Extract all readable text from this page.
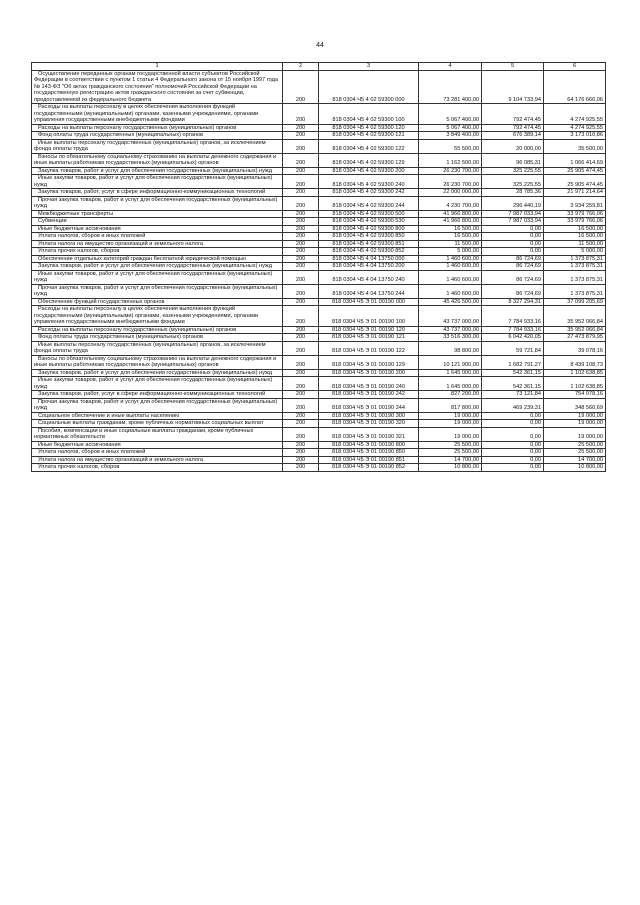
44
1	2	3	4	5	6

Осуществление переданных органам государственной власти субъектов Российской Федерации в соответствии с пунктом 1 статьи 4 Федерального закона от 15 ноября 1997 года № 143-ФЗ "Об актах гражданского состояния" полномочий Российской Федерации на государственную регистрацию актов гражданского состояния за счет субвенции, предоставляемой из федерального бюджета	200	818 0304 Ч5 4 02 59300 000	73 281 400,00	9 104 733,94	64 176 666,06

Расходы на выплаты персоналу в целях обеспечения выполнения функций государственными (муниципальными) органами, казенными учреждениями, органами управления государственными внебюджетными фондами	200	818 0304 Ч5 4 02 59300 100	5 067 400,00	792 474,45	4 274 925,55

Расходы на выплаты персоналу государственных (муниципальных) органов	200	818 0304 Ч5 4 02 59300 120	5 067 400,00	792 474,45	4 274 925,55

Фонд оплаты труда государственных (муниципальных) органов	200	818 0304 Ч5 4 02 59300 121	3 849 400,00	676 389,14	3 173 010,86

Иные выплаты персоналу государственных (муниципальных) органов, за исключением фонда оплаты труда	200	818 0304 Ч5 4 02 59300 122	55 500,00	20 000,00	35 500,00

Взносы по обязательному социальному страхованию на выплаты денежного содержания и иные выплаты работникам государственных (муниципальных) органов	200	818 0304 Ч5 4 02 59300 129	1 162 500,00	96 085,31	1 066 414,69

Закупка товаров, работ и услуг для обеспечения государственных (муниципальных) нужд	200	818 0304 Ч5 4 02 59300 200	26 230 700,00	325 225,55	25 905 474,45

Иные закупки товаров, работ и услуг для обеспечения государственных (муниципальных) нужд	200	818 0304 Ч5 4 02 59300 240	26 230 700,00	325 225,55	25 905 474,45

Закупка товаров, работ, услуг в сфере информационно-коммуникационных технологий	200	818 0304 Ч5 4 02 59300 242	22 000 000,00	28 785,36	21 971 214,64

Прочая закупка товаров, работ и услуг для обеспечения государственных (муниципальных) нужд	200	818 0304 Ч5 4 02 59300 244	4 230 700,00	296 440,19	3 934 259,81

Межбюджетные трансферты	200	818 0304 Ч5 4 02 59300 500	41 966 800,00	7 987 033,94	33 979 766,06

Субвенции	200	818 0304 Ч5 4 02 59300 530	41 966 800,00	7 987 033,94	33 979 766,06

Иные бюджетные ассигнования	200	818 0304 Ч5 4 02 59300 800	16 500,00	0,00	16 500,00

Уплата налогов, сборов и иных платежей	200	818 0304 Ч5 4 02 59300 850	16 500,00	0,00	16 500,00

Уплата налога на имущество организаций и земельного налога	200	818 0304 Ч5 4 02 59300 851	11 500,00	0,00	11 500,00

Уплата прочих налогов, сборов	200	818 0304 Ч5 4 02 59300 852	5 000,00	0,00	5 000,00

Обеспечение отдельных категорий граждан бесплатной юридической помощью	200	818 0304 Ч5 4 04 13750 000	1 460 600,00	86 724,69	1 373 875,31

Закупка товаров, работ и услуг для обеспечения государственных (муниципальных) нужд	200	818 0304 Ч5 4 04 13750 200	1 460 600,00	86 724,69	1 373 875,31

Иные закупки товаров, работ и услуг для обеспечения государственных (муниципальных) нужд	200	818 0304 Ч5 4 04 13750 240	1 460 600,00	86 724,69	1 373 875,31

Прочая закупка товаров, работ и услуг для обеспечения государственных (муниципальных) нужд	200	818 0304 Ч5 4 04 13750 244	1 460 600,00	86 724,69	1 373 875,31

Обеспечение функций государственных органов	200	818 0304 Ч5 Э 01 00190 000	45 426 500,00	8 327 294,31	37 099 205,69

Расходы на выплаты персоналу в целях обеспечения выполнения функций государственными (муниципальными) органами, казенными учреждениями, органами управления государственными внебюджетными фондами	200	818 0304 Ч5 Э 01 00190 100	43 737 000,00	7 784 933,16	35 952 066,84

Расходы на выплаты персоналу государственных (муниципальных) органов	200	818 0304 Ч5 Э 01 00190 120	43 737 000,00	7 784 933,16	35 952 066,84

Фонд оплаты труда государственных (муниципальных) органов	200	818 0304 Ч5 Э 01 00190 121	33 516 300,00	6 042 420,05	27 473 879,95

Иные выплаты персоналу государственных (муниципальных) органов, за исключением фонда оплаты труда	200	818 0304 Ч5 Э 01 00190 122	98 800,00	59 721,84	39 078,16

Взносы по обязательному социальному страхованию на выплаты денежного содержания и иные выплаты работникам государственных (муниципальных) органов	200	818 0304 Ч5 Э 01 00190 129	10 121 900,00	1 682 791,27	8 439 108,73

Закупка товаров, работ и услуг для обеспечения государственных (муниципальных) нужд	200	818 0304 Ч5 Э 01 00190 200	1 645 000,00	542 361,15	1 102 638,85

Иные закупки товаров, работ и услуг для обеспечения государственных (муниципальных) нужд	200	818 0304 Ч5 Э 01 00190 240	1 645 000,00	542 361,15	1 102 638,85

Закупка товаров, работ, услуг в сфере информационно-коммуникационных технологий	200	818 0304 Ч5 Э 01 00190 242	827 200,00	73 121,84	754 078,16

Прочая закупка товаров, работ и услуг для обеспечения государственных (муниципальных) нужд	200	818 0304 Ч5 Э 01 00190 244	817 800,00	469 239,31	348 560,69

Социальное обеспечение и иные выплаты населению	200	818 0304 Ч5 Э 01 00190 300	19 000,00	0,00	19 000,00

Социальные выплаты гражданам, кроме публичных нормативных социальных выплат	200	818 0304 Ч5 Э 01 00190 320	19 000,00	0,00	19 000,00

Пособия, компенсации и иные социальные выплаты гражданам, кроме публичных нормативных обязательств	200	818 0304 Ч5 Э 01 00190 321	19 000,00	0,00	19 000,00

Иные бюджетные ассигнования	200	818 0304 Ч5 Э 01 00190 800	25 500,00	0,00	25 500,00

Уплата налогов, сборов и иных платежей	200	818 0304 Ч5 Э 01 00190 850	25 500,00	0,00	25 500,00

Уплата налога на имущество организаций и земельного налога	200	818 0304 Ч5 Э 01 00190 851	14 700,00	0,00	14 700,00

Уплата прочих налогов, сборов	200	818 0304 Ч5 Э 01 00190 852	10 800,00	0,00	10 800,00
